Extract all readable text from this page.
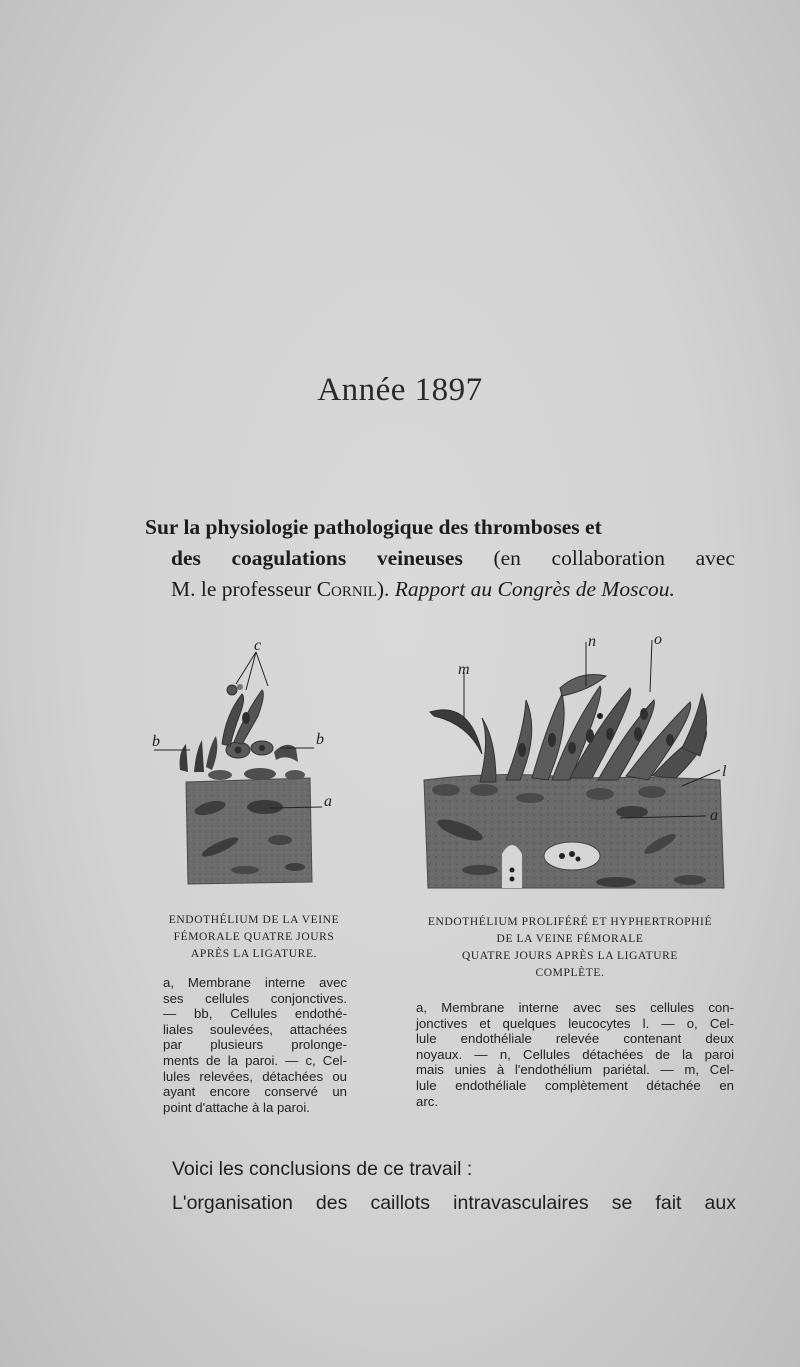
Année 1897
Sur la physiologie pathologique des thromboses et
des coagulations veineuses (en collaboration avec
M. le professeur Cornil). Rapport au Congrès de Moscou.
c
b	b
a
m
n	o
l
a
ENDOTHÉLIUM DE LA VEINE
FÉMORALE QUATRE JOURS
APRÈS LA LIGATURE.
a, Membrane interne avec
ses cellules conjonctives.
— bb, Cellules endothé-
liales soulevées, attachées
par plusieurs prolonge-
ments de la paroi. — c, Cel-
lules relevées, détachées ou
ayant encore conservé un
point d'attache à la paroi.
ENDOTHÉLIUM PROLIFÉRÉ ET HYPHERTROPHIÉ
DE LA VEINE FÉMORALE
QUATRE JOURS APRÈS LA LIGATURE
COMPLÈTE.
a, Membrane interne avec ses cellules con-
jonctives et quelques leucocytes l. — o, Cel-
lule endothéliale relevée contenant deux
noyaux. — n, Cellules détachées de la paroi
mais unies à l'endothélium pariétal. — m, Cel-
lule endothéliale complètement détachée en
arc.
Voici les conclusions de ce travail :
L'organisation des caillots intravasculaires se fait aux
